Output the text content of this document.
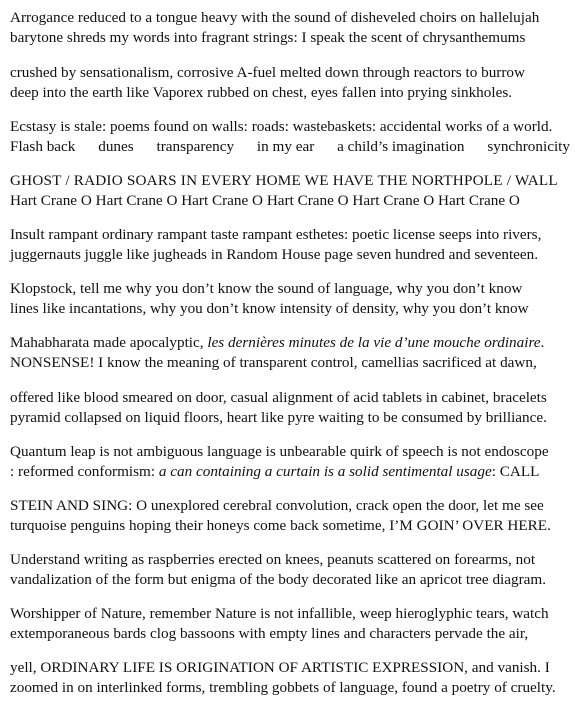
Arrogance reduced to a tongue heavy with the sound of disheveled choirs on hallelujah
barytone shreds my words into fragrant strings: I speak the scent of chrysanthemums

crushed by sensationalism, corrosive A-fuel melted down through reactors to burrow
deep into the earth like Vaporex rubbed on chest, eyes fallen into prying sinkholes.

Ecstasy is stale: poems found on walls: roads: wastebaskets: accidental works of a world.
Flash back dunes transparency in my ear a child’s imagination synchronicity

GHOST / RADIO SOARS IN EVERY HOME WE HAVE THE NORTHPOLE / WALL
Hart Crane O Hart Crane O Hart Crane O Hart Crane O Hart Crane O Hart Crane O

Insult rampant ordinary rampant taste rampant esthetes: poetic license seeps into rivers,
juggernauts juggle like jugheads in Random House page seven hundred and seventeen.

Klopstock, tell me why you don’t know the sound of language, why you don’t know
lines like incantations, why you don’t know intensity of density, why you don’t know

Mahabharata made apocalyptic, les dernières minutes de la vie d’une mouche ordinaire.
NONSENSE! I know the meaning of transparent control, camellias sacrificed at dawn,

offered like blood smeared on door, casual alignment of acid tablets in cabinet, bracelets
pyramid collapsed on liquid floors, heart like pyre waiting to be consumed by brilliance.

Quantum leap is not ambiguous language is unbearable quirk of speech is not endoscope
: reformed conformism: a can containing a curtain is a solid sentimental usage: CALL

STEIN AND SING: O unexplored cerebral convolution, crack open the door, let me see
turquoise penguins hoping their honeys come back sometime, I’M GOIN’ OVER HERE.

Understand writing as raspberries erected on knees, peanuts scattered on forearms, not
vandalization of the form but enigma of the body decorated like an apricot tree diagram.

Worshipper of Nature, remember Nature is not infallible, weep hieroglyphic tears, watch
extemporaneous bards clog bassoons with empty lines and characters pervade the air,

yell, ORDINARY LIFE IS ORIGINATION OF ARTISTIC EXPRESSION, and vanish. I
zoomed in on interlinked forms, trembling gobbets of language, found a poetry of cruelty.
